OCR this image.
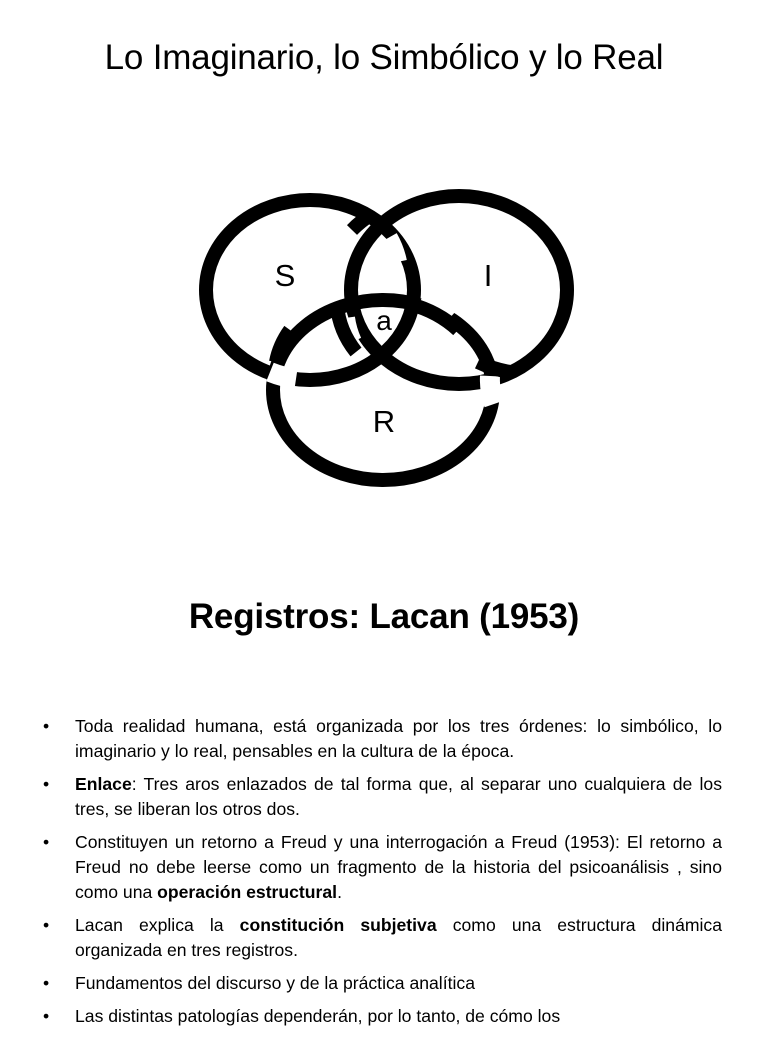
Lo Imaginario, lo Simbólico y lo Real
S	I
a
R
Registros: Lacan (1953)
• Toda realidad humana, está organizada por los tres órdenes: lo simbólico, lo imaginario y lo real, pensables en la cultura de la época.
• Enlace: Tres aros enlazados de tal forma que, al separar uno cualquiera de los tres, se liberan los otros dos.
• Constituyen un retorno a Freud y una interrogación a Freud (1953): El retorno a Freud no debe leerse como un fragmento de la historia del psicoanálisis , sino como una operación estructural.
• Lacan explica la constitución subjetiva como una estructura dinámica organizada en tres registros.
• Fundamentos del discurso y de la práctica analítica
• Las distintas patologías dependerán, por lo tanto, de cómo los
